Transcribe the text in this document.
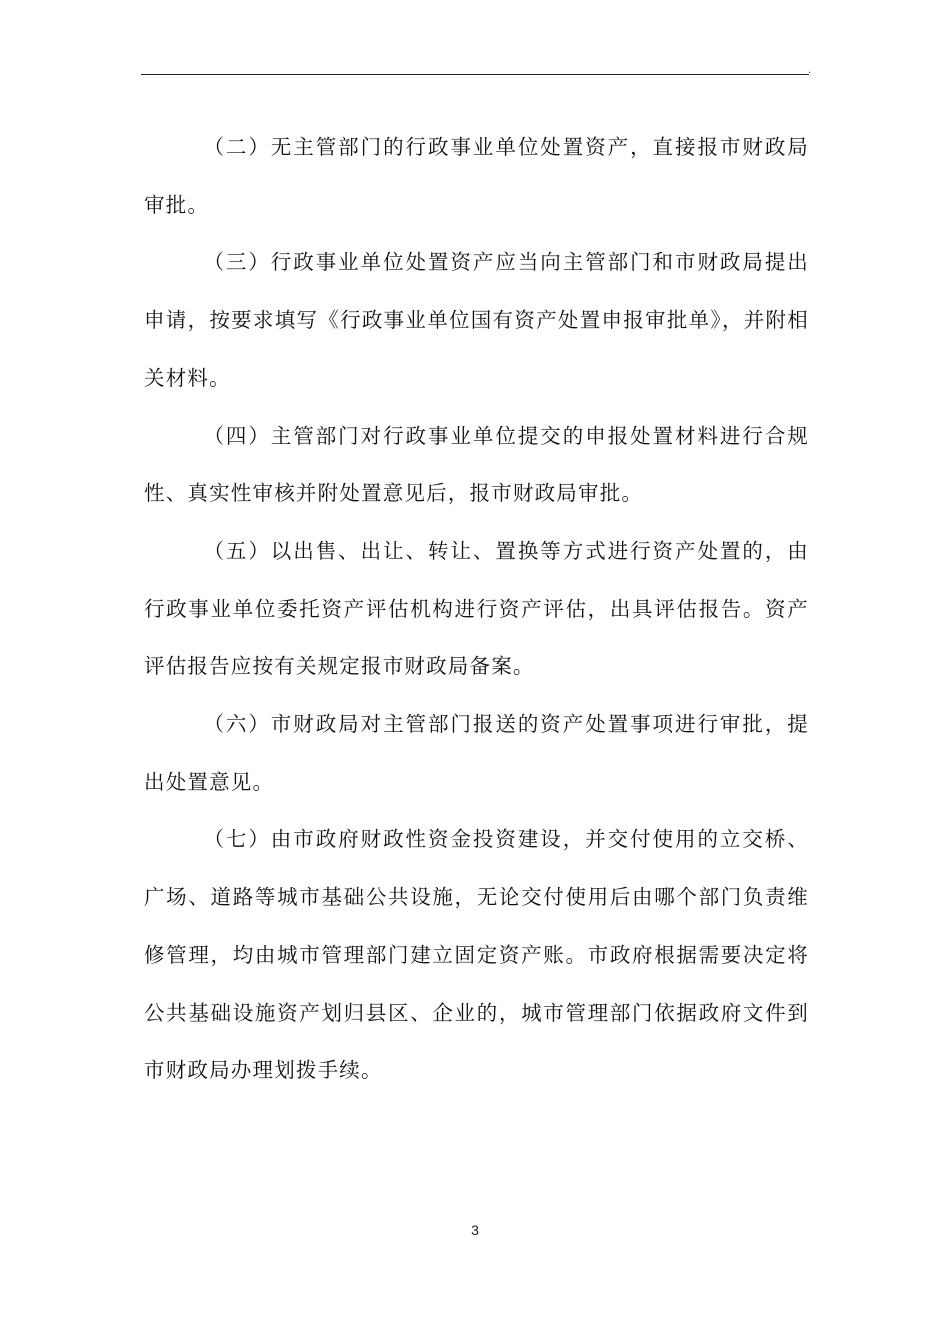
.

（二）无主管部门的行政事业单位处置资产，直接报市财政局审批。

（三）行政事业单位处置资产应当向主管部门和市财政局提出申请，按要求填写《行政事业单位国有资产处置申报审批单》，并附相关材料。

（四）主管部门对行政事业单位提交的申报处置材料进行合规性、真实性审核并附处置意见后，报市财政局审批。

（五）以出售、出让、转让、置换等方式进行资产处置的，由行政事业单位委托资产评估机构进行资产评估，出具评估报告。资产评估报告应按有关规定报市财政局备案。

（六）市财政局对主管部门报送的资产处置事项进行审批，提出处置意见。

（七）由市政府财政性资金投资建设，并交付使用的立交桥、广场、道路等城市基础公共设施，无论交付使用后由哪个部门负责维修管理，均由城市管理部门建立固定资产账。市政府根据需要决定将公共基础设施资产划归县区、企业的，城市管理部门依据政府文件到市财政局办理划拨手续。

3
